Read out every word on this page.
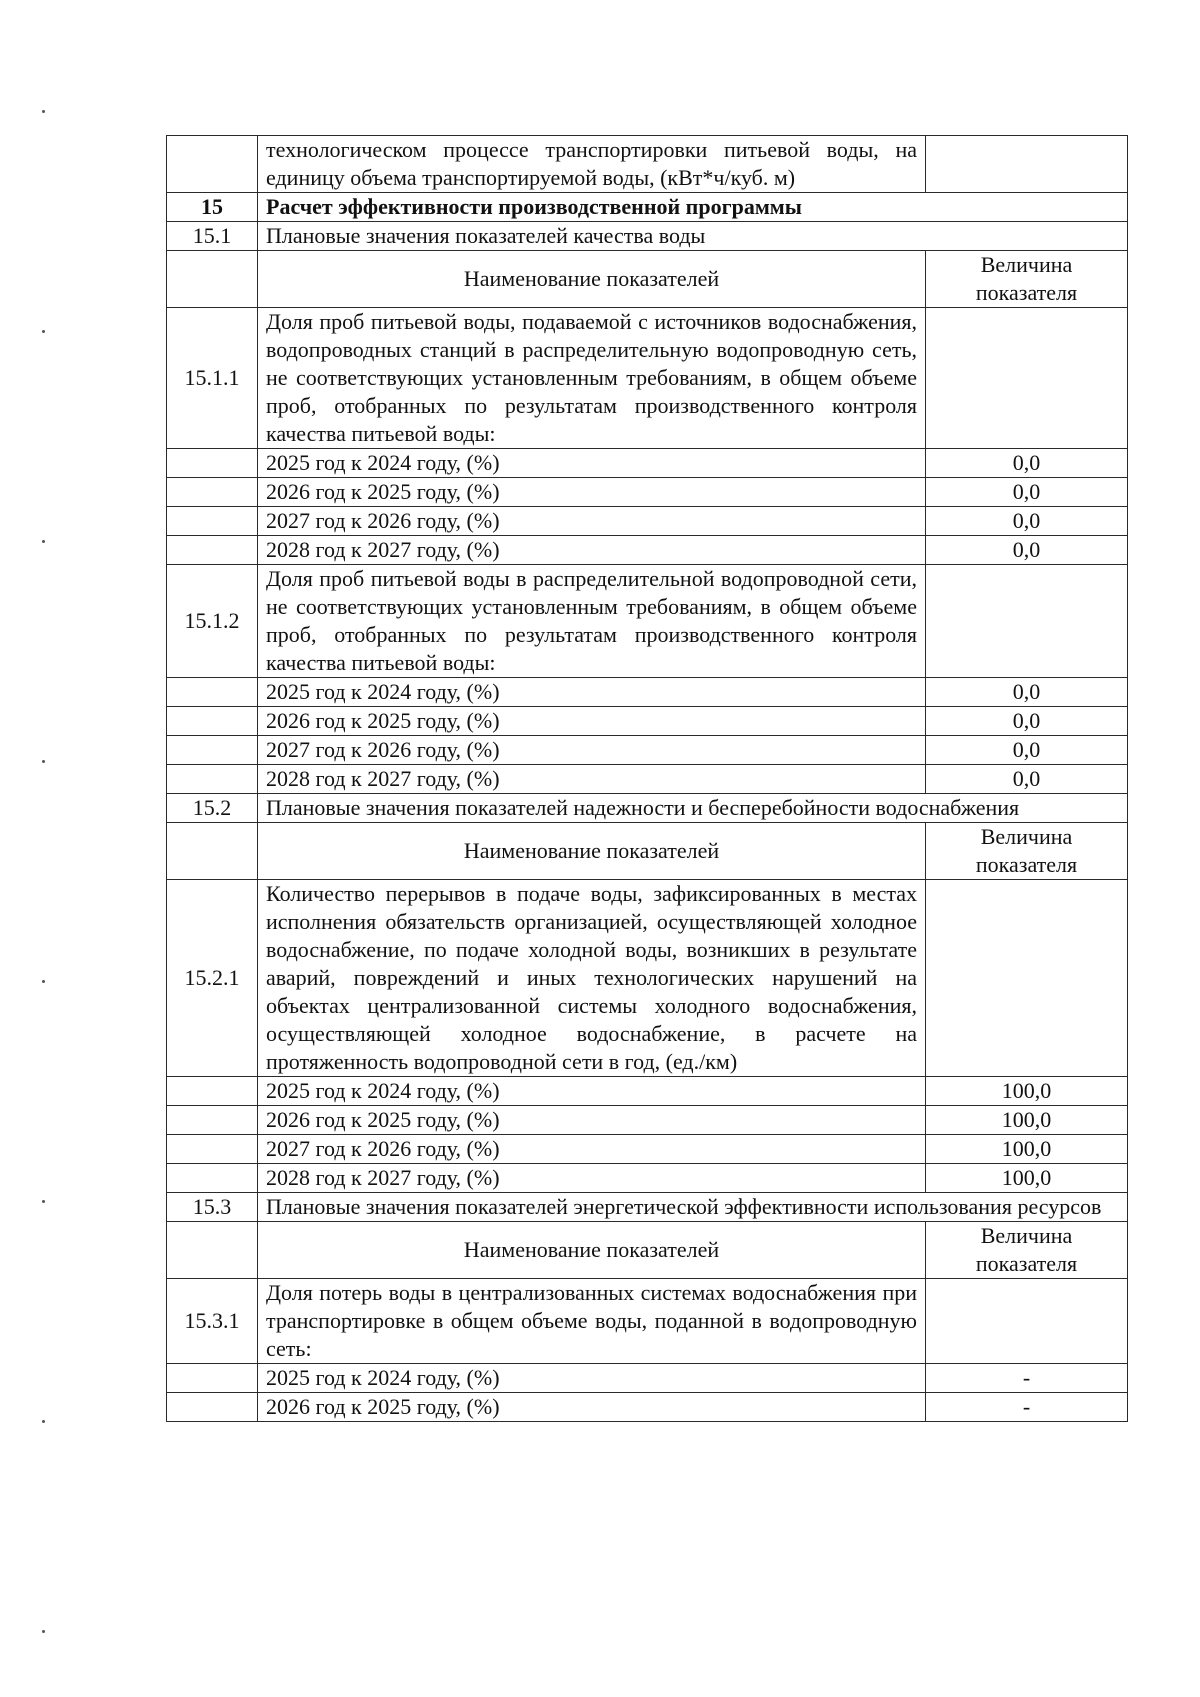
	технологическом процессе транспортировки питьевой воды, на единицу объема транспортируемой воды, (кВт*ч/куб. м)	
15	Расчет эффективности производственной программы	
15.1	Плановые значения показателей качества воды	
	Наименование показателей	Величина показателя
15.1.1	Доля проб питьевой воды, подаваемой с источников водоснабжения, водопроводных станций в распределительную водопроводную сеть, не соответствующих установленным требованиям, в общем объеме проб, отобранных по результатам производственного контроля качества питьевой воды:	
	2025 год к 2024 году, (%)	0,0
	2026 год к 2025 году, (%)	0,0
	2027 год к 2026 году, (%)	0,0
	2028 год к 2027 году, (%)	0,0
15.1.2	Доля проб питьевой воды в распределительной водопроводной сети, не соответствующих установленным требованиям, в общем объеме проб, отобранных по результатам производственного контроля качества питьевой воды:	
	2025 год к 2024 году, (%)	0,0
	2026 год к 2025 году, (%)	0,0
	2027 год к 2026 году, (%)	0,0
	2028 год к 2027 году, (%)	0,0
15.2	Плановые значения показателей надежности и бесперебойности водоснабжения	
	Наименование показателей	Величина показателя
15.2.1	Количество перерывов в подаче воды, зафиксированных в местах исполнения обязательств организацией, осуществляющей холодное водоснабжение, по подаче холодной воды, возникших в результате аварий, повреждений и иных технологических нарушений на объектах централизованной системы холодного водоснабжения, осуществляющей холодное водоснабжение, в расчете на протяженность водопроводной сети в год, (ед./км)	
	2025 год к 2024 году, (%)	100,0
	2026 год к 2025 году, (%)	100,0
	2027 год к 2026 году, (%)	100,0
	2028 год к 2027 году, (%)	100,0
15.3	Плановые значения показателей энергетической эффективности использования ресурсов	
	Наименование показателей	Величина показателя
15.3.1	Доля потерь воды в централизованных системах водоснабжения при транспортировке в общем объеме воды, поданной в водопроводную сеть:	
	2025 год к 2024 году, (%)	-
	2026 год к 2025 году, (%)	-
